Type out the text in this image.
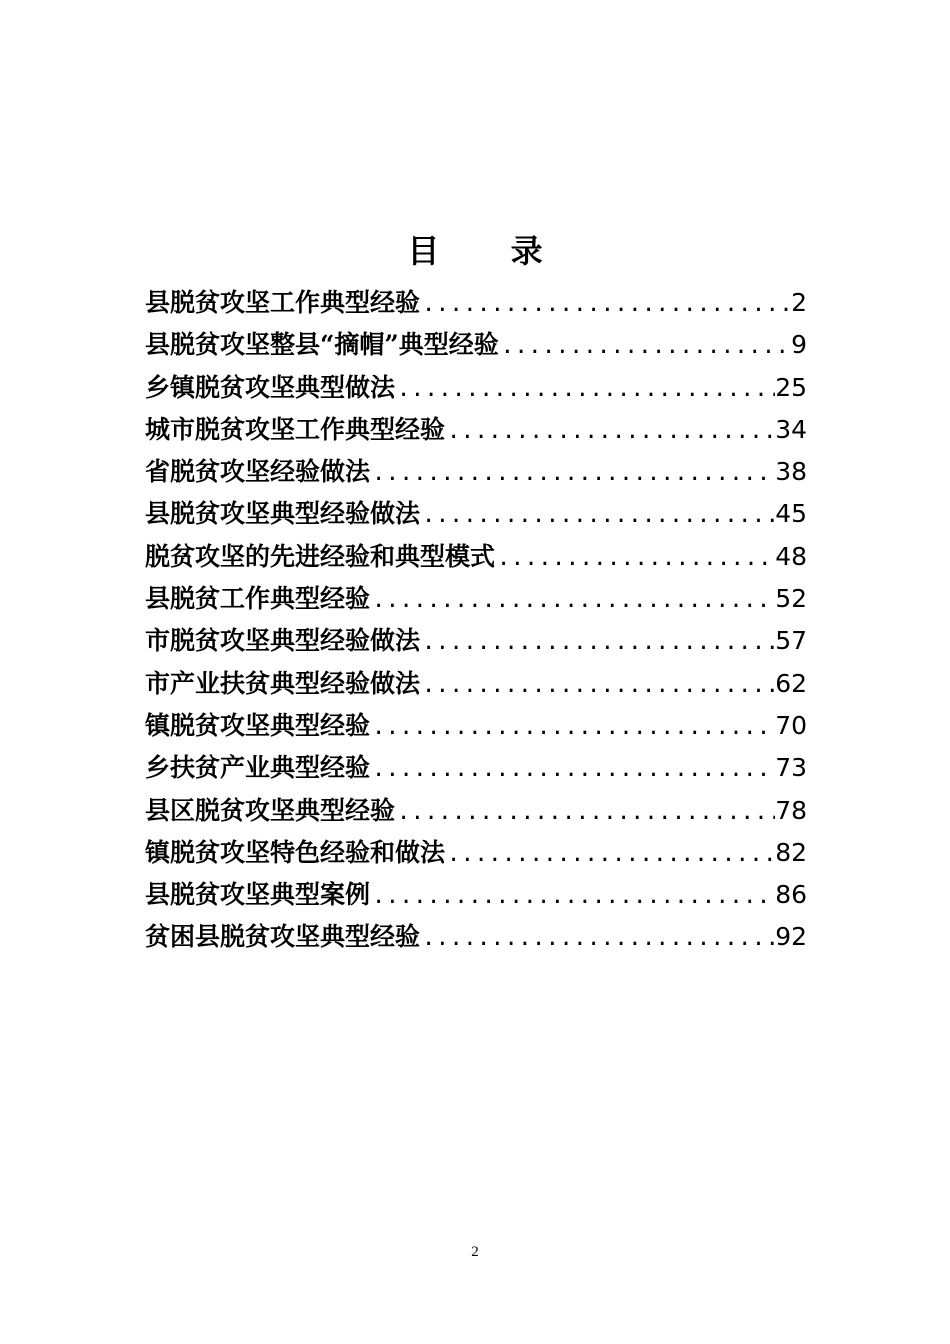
目 录
县脱贫攻坚工作典型经验 .....	2
县脱贫攻坚整县“摘帽”典型经验 .....	9
乡镇脱贫攻坚典型做法 .....	25
城市脱贫攻坚工作典型经验 .....	34
省脱贫攻坚经验做法 .....	38
县脱贫攻坚典型经验做法 .....	45
脱贫攻坚的先进经验和典型模式 .....	48
县脱贫工作典型经验 .....	52
市脱贫攻坚典型经验做法 .....	57
市产业扶贫典型经验做法 .....	62
镇脱贫攻坚典型经验 .....	70
乡扶贫产业典型经验 .....	73
县区脱贫攻坚典型经验 .....	78
镇脱贫攻坚特色经验和做法 .....	82
县脱贫攻坚典型案例 .....	86
贫困县脱贫攻坚典型经验 .....	92
2
